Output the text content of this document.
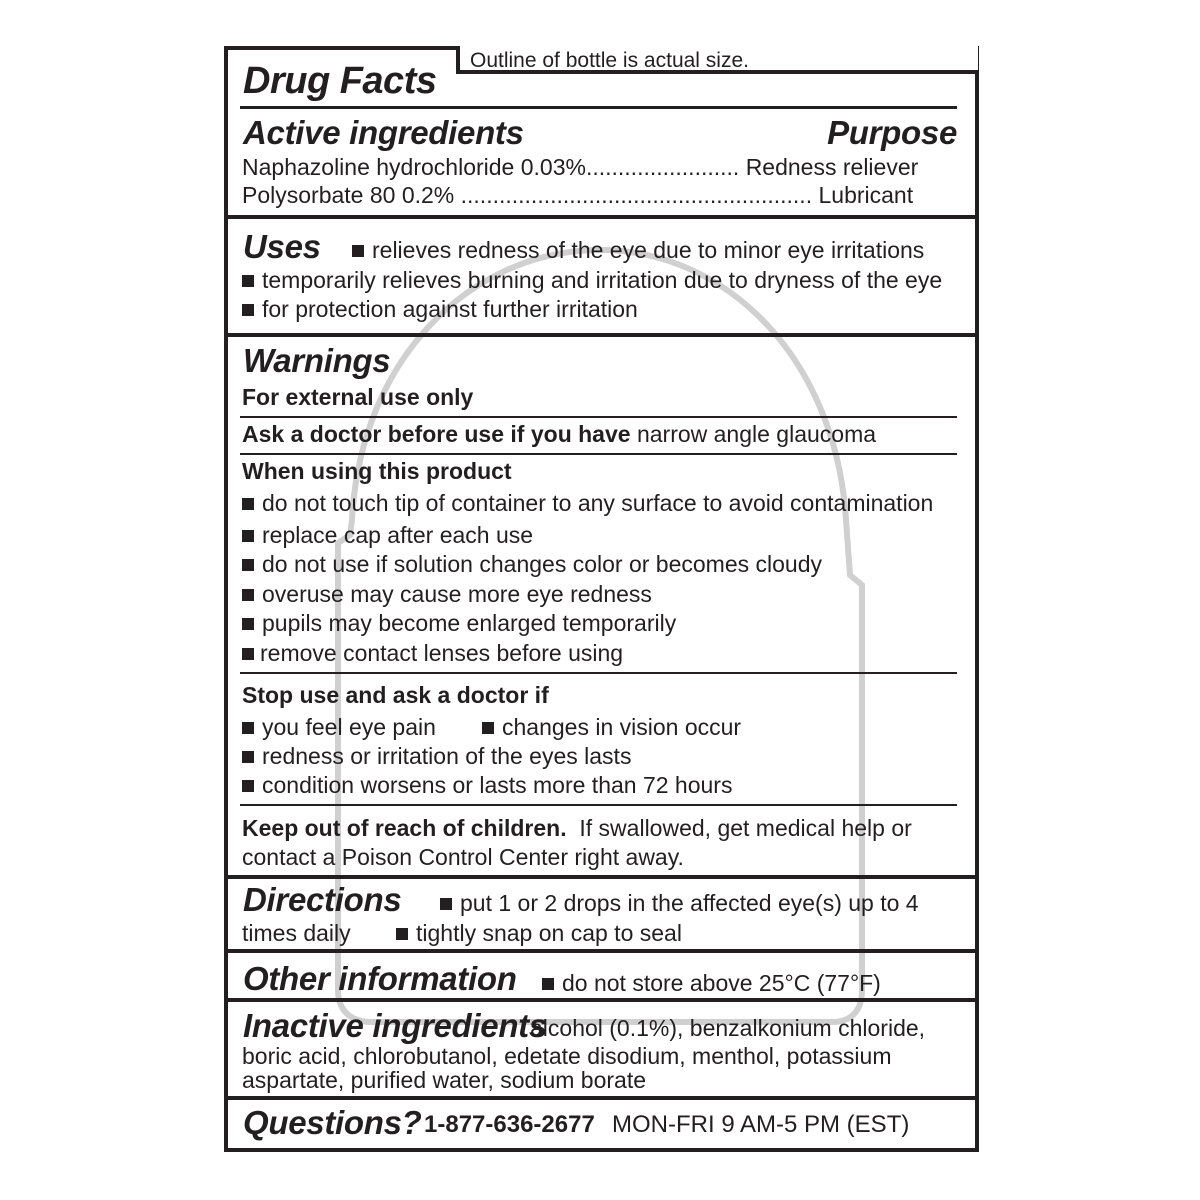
Outline of bottle is actual size.
Drug Facts
Active ingredients	Purpose
Naphazoline hydrochloride 0.03%........................ Redness reliever
Polysorbate 80 0.2% ....................................................... Lubricant
Uses	relieves redness of the eye due to minor eye irritations
temporarily relieves burning and irritation due to dryness of the eye
for protection against further irritation
Warnings
For external use only
Ask a doctor before use if you have narrow angle glaucoma
When using this product
do not touch tip of container to any surface to avoid contamination
replace cap after each use
do not use if solution changes color or becomes cloudy
overuse may cause more eye redness
pupils may become enlarged temporarily
remove contact lenses before using
Stop use and ask a doctor if
you feel eye pain	changes in vision occur
redness or irritation of the eyes lasts
condition worsens or lasts more than 72 hours
Keep out of reach of children. If swallowed, get medical help or
contact a Poison Control Center right away.
Directions	put 1 or 2 drops in the affected eye(s) up to 4
times daily	tightly snap on cap to seal
Other information	do not store above 25°C (77°F)
Inactive ingredients
alcohol (0.1%), benzalkonium chloride,
boric acid, chlorobutanol, edetate disodium, menthol, potassium
aspartate, purified water, sodium borate
Questions? 1-877-636-2677 MON-FRI 9 AM-5 PM (EST)
